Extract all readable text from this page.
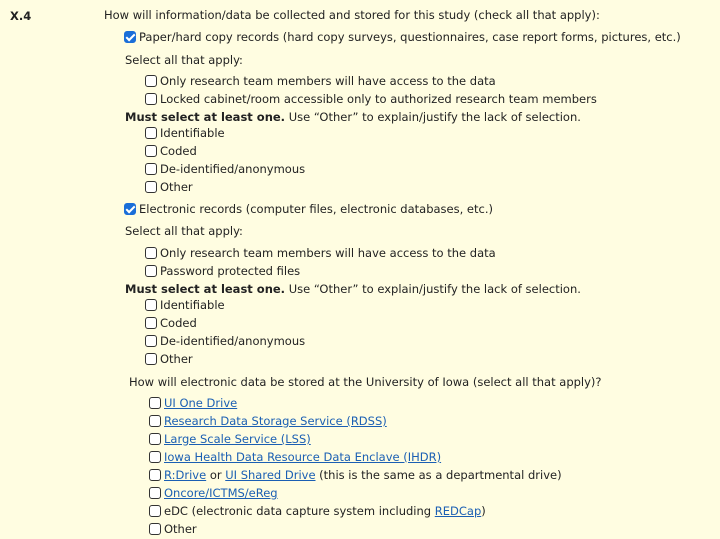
X.4	How will information/data be collected and stored for this study (check all that apply):
Paper/hard copy records (hard copy surveys, questionnaires, case report forms, pictures, etc.)
Select all that apply:
Only research team members will have access to the data
Locked cabinet/room accessible only to authorized research team members
Must select at least one. Use “Other” to explain/justify the lack of selection.
Identifiable
Coded
De-identified/anonymous
Other
Electronic records (computer files, electronic databases, etc.)
Select all that apply:
Only research team members will have access to the data
Password protected files
Must select at least one. Use “Other” to explain/justify the lack of selection.
Identifiable
Coded
De-identified/anonymous
Other
How will electronic data be stored at the University of Iowa (select all that apply)?
UI One Drive
Research Data Storage Service (RDSS)
Large Scale Service (LSS)
Iowa Health Data Resource Data Enclave (IHDR)
R:Drive or UI Shared Drive (this is the same as a departmental drive)
Oncore/ICTMS/eReg
eDC (electronic data capture system including REDCap )
Other
